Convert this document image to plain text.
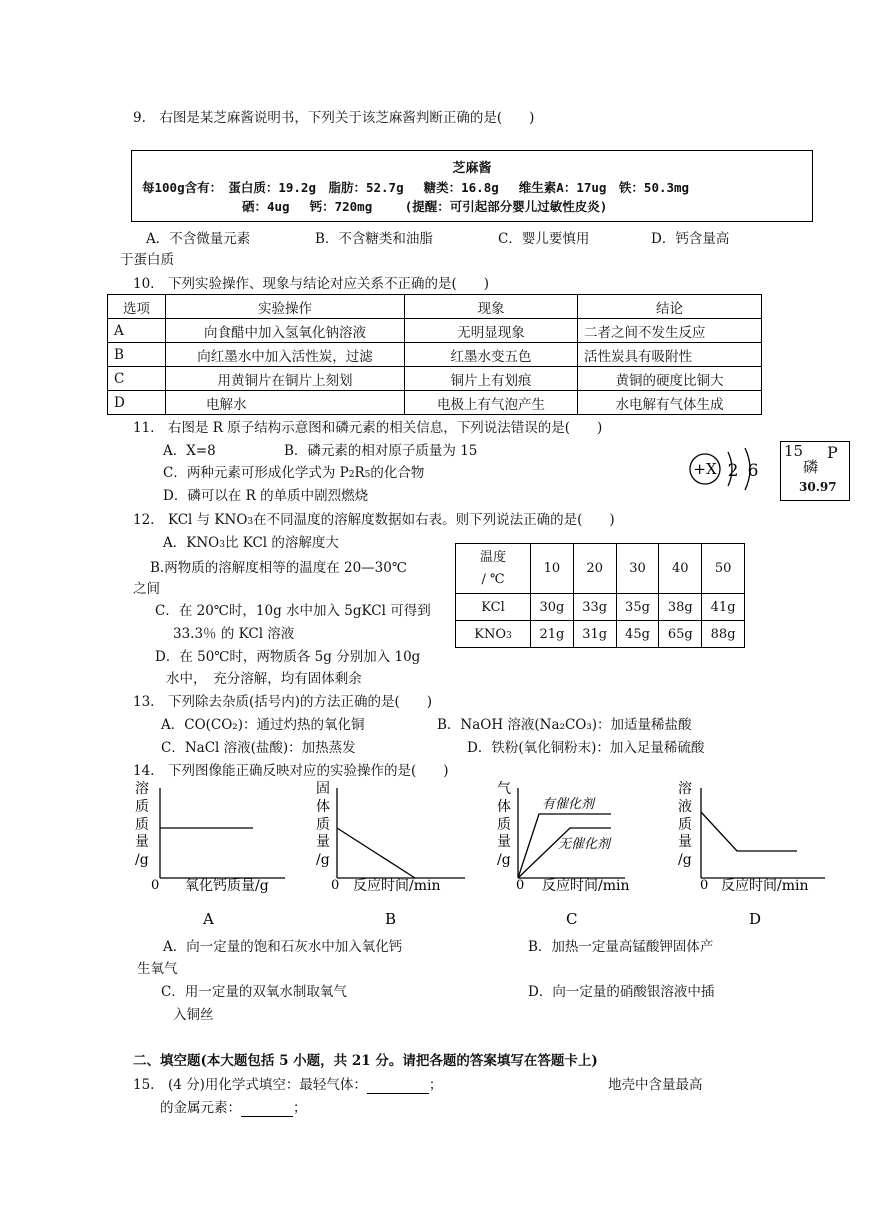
9.　右图是某芝麻酱说明书，下列关于该芝麻酱判断正确的是(　　)
芝麻酱
每100g含有：　蛋白质：19.2g　脂肪：52.7g　 糖类：16.8g　 维生素A：17ug　铁：50.3mg
硒：4ug　 钙：720mg　 　(提醒：可引起部分婴儿过敏性皮炎)
A．不含微量元素	B．不含糖类和油脂	C．婴儿要慎用	D．钙含量高
于蛋白质
10.　下列实验操作、现象与结论对应关系不正确的是(　　)
选项	实验操作	现象	结论
A	向食醋中加入氢氧化钠溶液	无明显现象	二者之间不发生反应
B	向红墨水中加入活性炭，过滤	红墨水变五色	活性炭具有吸附性
C	用黄铜片在铜片上刻划	铜片上有划痕	黄铜的硬度比铜大
D	电解水	电极上有气泡产生	水电解有气体生成
11.　右图是 R 原子结构示意图和磷元素的相关信息，下列说法错误的是(　　)
A．X=8	B．磷元素的相对原子质量为 15
C．两种元素可形成化学式为 P2R5的化合物
D．磷可以在 R 的单质中剧烈燃烧
+X 2 6
15 P
磷
30.97
12.　KCl 与 KNO3在不同温度的溶解度数据如右表。则下列说法正确的是(　　)
A．KNO3比 KCl 的溶解度大
B.两物质的溶解度相等的温度在 20—30℃
之间
C．在 20℃时，10g 水中加入 5gKCl 可得到
33.3％ 的 KCl 溶液
D．在 50℃时，两物质各 5g 分别加入 10g
水中，　充分溶解，均有固体剩余
温度
/ ℃	10	20	30	40	50
KCl	30g	33g	35g	38g	41g
KNO3	21g	31g	45g	65g	88g
13.　下列除去杂质(括号内)的方法正确的是(　　)
A．CO(CO₂)：通过灼热的氧化铜	B．NaOH 溶液(Na₂CO₃)：加适量稀盐酸
C．NaCl 溶液(盐酸)：加热蒸发	D．铁粉(氧化铜粉末)：加入足量稀硫酸
14.　下列图像能正确反映对应的实验操作的是(　　)
溶
质
质
量
/g
0 氧化钙质量/g
A
固
体
质
量
/g
0 反应时间/min
B
气
体
质
量
/g
有催化剂
无催化剂
0 反应时间/min
C
溶
液
质
量
/g
0 反应时间/min
D
A．向一定量的饱和石灰水中加入氧化钙	B．加热一定量高锰酸钾固体产
生氧气
C．用一定量的双氧水制取氧气	D．向一定量的硝酸银溶液中插
入铜丝
二、填空题(本大题包括 5 小题，共 21 分。请把各题的答案填写在答题卡上)
15.　(4 分)用化学式填空：最轻气体：	；	地壳中含量最高
的金属元素：	；
